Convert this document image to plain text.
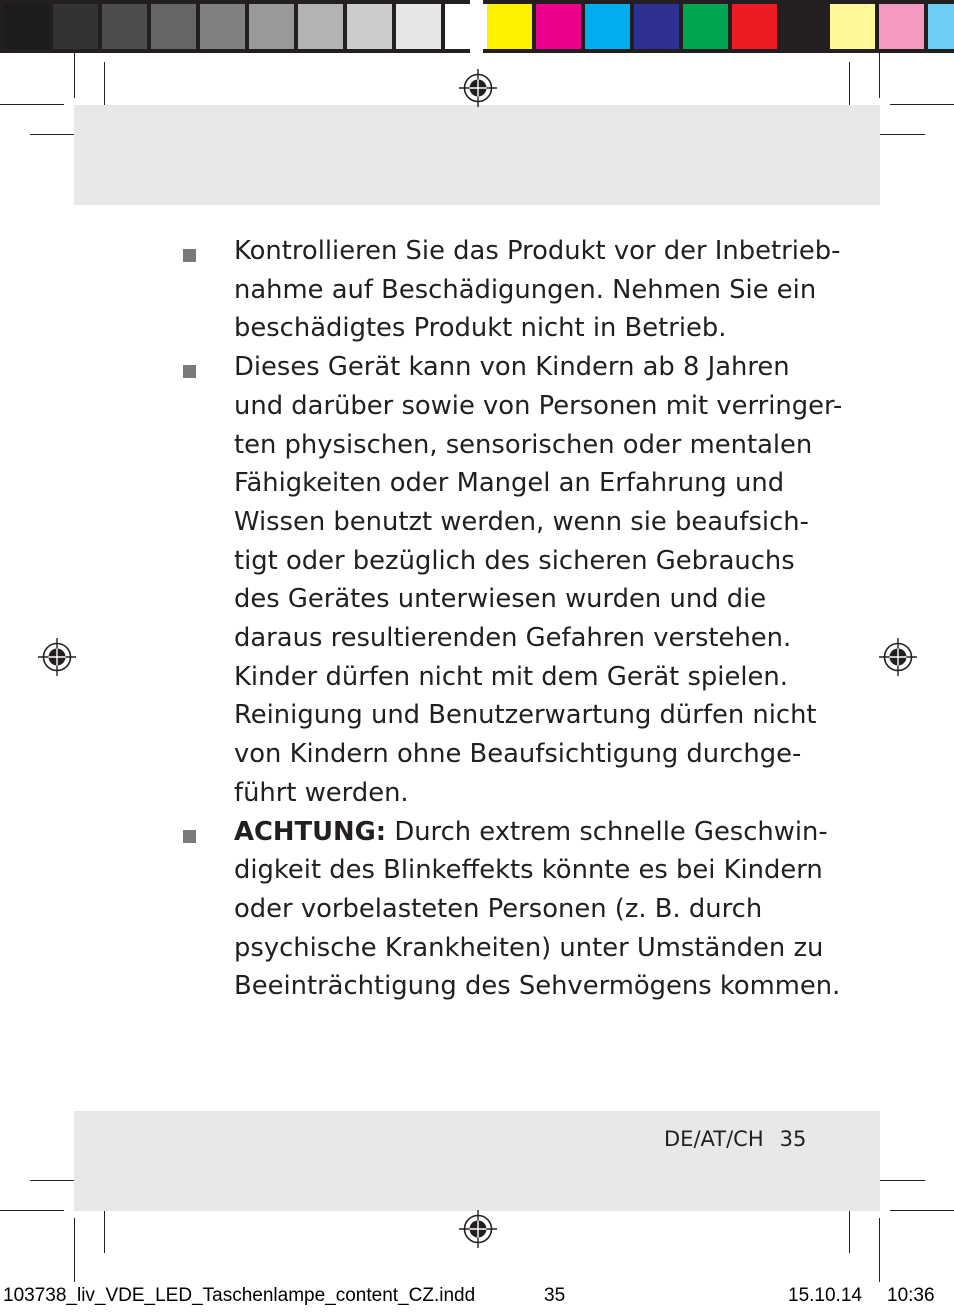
Kontrollieren Sie das Produkt vor der Inbetrieb-

nahme auf Beschädigungen. Nehmen Sie ein

beschädigtes Produkt nicht in Betrieb.

Dieses Gerät kann von Kindern ab 8 Jahren

und darüber sowie von Personen mit verringer-

ten physischen, sensorischen oder mentalen

Fähigkeiten oder Mangel an Erfahrung und

Wissen benutzt werden, wenn sie beaufsich-

tigt oder bezüglich des sicheren Gebrauchs

des Gerätes unterwiesen wurden und die

daraus resultierenden Gefahren verstehen.

Kinder dürfen nicht mit dem Gerät spielen.

Reinigung und Benutzerwartung dürfen nicht

von Kindern ohne Beaufsichtigung durchge-

führt werden.

ACHTUNG: Durch extrem schnelle Geschwin-

digkeit des Blinkeffekts könnte es bei Kindern

oder vorbelasteten Personen (z. B. durch

psychische Krankheiten) unter Umständen zu

Beeinträchtigung des Sehvermögens kommen.

DE/AT/CH 35
103738_liv_VDE_LED_Taschenlampe_content_CZ.indd	35	15.10.14 10:36
